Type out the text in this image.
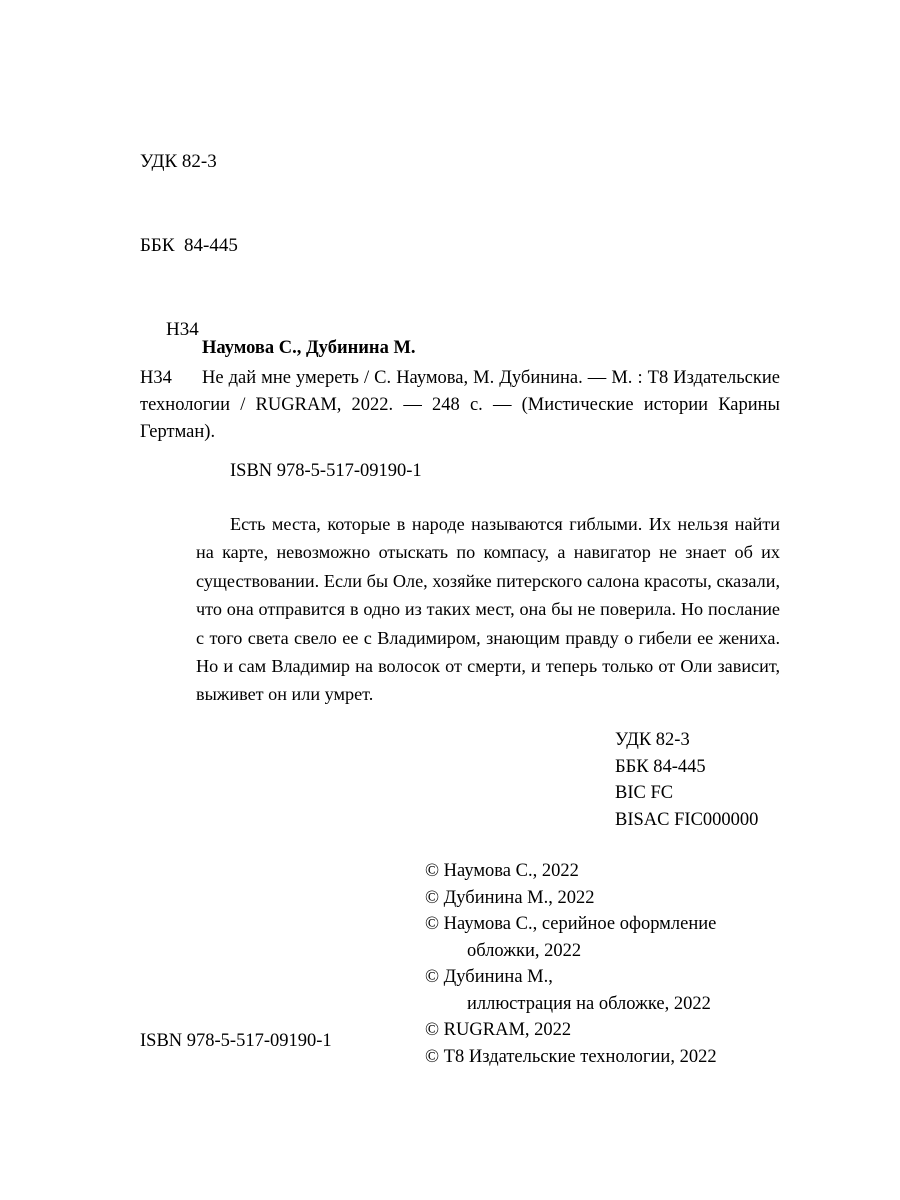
УДК 82-3

ББК  84-445

Н34

Наумова С., Дубинина М.
Н34	Не дай мне умереть / С. Наумова, М. Дубинина. — М. : Т8 Издательские технологии / RUGRAM, 2022. — 248 с. — (Мистические истории Карины Гертман).

ISBN 978-5-517-09190-1
Есть места, которые в народе называются гиблыми. Их нельзя найти на карте, невозможно отыскать по компасу, а навигатор не знает об их существовании. Если бы Оле, хозяйке питерского салона красоты, сказали, что она отправится в одно из таких мест, она бы не поверила. Но послание с того света свело ее с Владимиром, знающим правду о гибели ее жениха. Но и сам Владимир на волосок от смерти, и теперь только от Оли зависит, выживет он или умрет.
УДК 82-3
ББК 84-445
BIC FC
BISAC FIC000000
© Наумова С., 2022
© Дубинина М., 2022
© Наумова С., серийное оформление
обложки, 2022
© Дубинина М.,
иллюстрация на обложке, 2022
© RUGRAM, 2022
© Т8 Издательские технологии, 2022
ISBN 978-5-517-09190-1
